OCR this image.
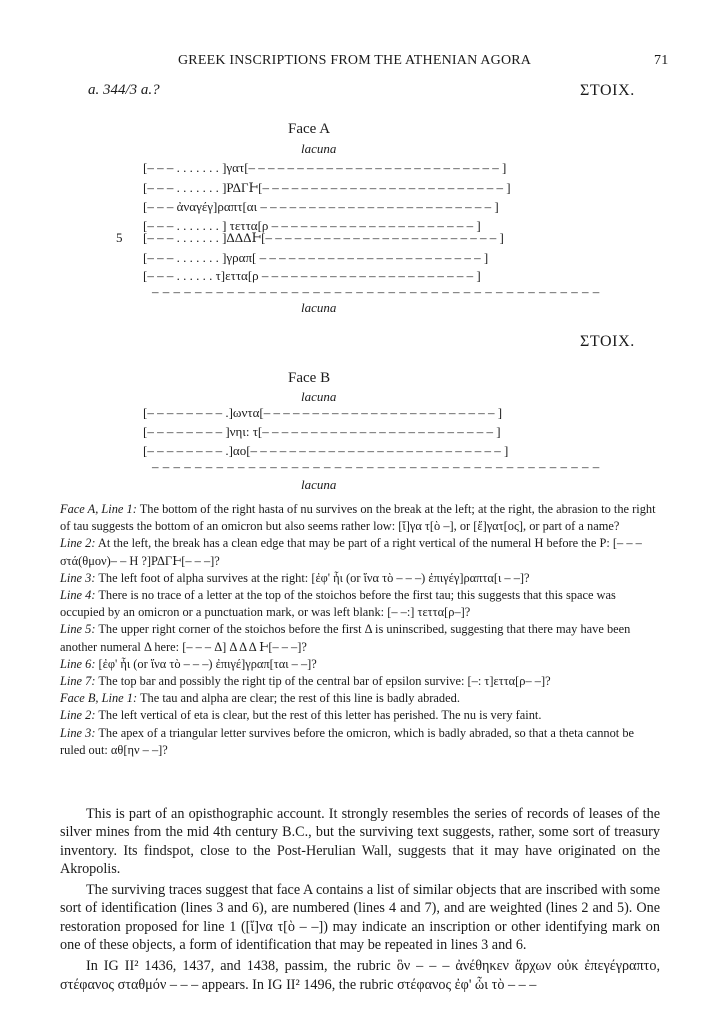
GREEK INSCRIPTIONS FROM THE ATHENIAN AGORA	71
a. 344/3 a.?	ΣΤΟΙΧ.
Face A
lacuna
[– – – . . . . . . . ]γατ[– – – – – – – – – – – – – – – – – – – – – – – – – – ]
[– – – . . . . . . . ]ΡΔΓͰ[– – – – – – – – – – – – – – – – – – – – – – – – – ]
[– – – ἀναγέγ]ραπτ[αι – – – – – – – – – – – – – – – – – – – – – – – – ]
[– – – . . . . . . . ] τεττα[ρ – – – – – – – – – – – – – – – – – – – – – ]
5 [– – – . . . . . . . ]ΔΔΔͰ[– – – – – – – – – – – – – – – – – – – – – – – – ]
[– – – . . . . . . . ]γραπ[ – – – – – – – – – – – – – – – – – – – – – – – ]
[– – – . . . . . . τ]εττα[ρ – – – – – – – – – – – – – – – – – – – – – – ]
– – – – – – – – – – – – – – – – – – – – – – – – – – – – – – – – – – – – – – – – – –
lacuna
ΣΤΟΙΧ.
Face B
lacuna
[– – – – – – – – .]ωντα[– – – – – – – – – – – – – – – – – – – – – – – – ]
[– – – – – – – – ]νηι: τ[– – – – – – – – – – – – – – – – – – – – – – – – ]
[– – – – – – – – .]αο[– – – – – – – – – – – – – – – – – – – – – – – – – – ]
– – – – – – – – – – – – – – – – – – – – – – – – – – – – – – – – – – – – – – – – – –
lacuna

Face A, Line 1: The bottom of the right hasta of nu survives on the break at the left; at the right, the abrasion to the right of tau suggests the bottom of an omicron but also seems rather low: [ἴ]γα τ[ὸ –], or [ἔ]γατ[ος], or part of a name?

Line 2: At the left, the break has a clean edge that may be part of a right vertical of the numeral H before the Ρ: [– – – στά(θμον)– – H ?]ΡΔΓͰ[– – –]?

Line 3: The left foot of alpha survives at the right: [ἐφ' ἧι (or ἵνα τὸ – – –) ἐπιγέγ]ραπτα[ι – –]?

Line 4: There is no trace of a letter at the top of the stoichos before the first tau; this suggests that this space was occupied by an omicron or a punctuation mark, or was left blank: [– –:] τεττα[ρ–]?

Line 5: The upper right corner of the stoichos before the first Δ is uninscribed, suggesting that there may have been another numeral Δ here: [– – – Δ] Δ Δ Δ Ͱ[– – –]?

Line 6: [ἐφ' ἧι (or ἵνα τὸ – – –) ἐπιγέ]γραπ[ται – –]?

Line 7: The top bar and possibly the right tip of the central bar of epsilon survive: [–: τ]εττα[ρ– –]?

Face B, Line 1: The tau and alpha are clear; the rest of this line is badly abraded.

Line 2: The left vertical of eta is clear, but the rest of this letter has perished. The nu is very faint.

Line 3: The apex of a triangular letter survives before the omicron, which is badly abraded, so that a theta cannot be ruled out: αθ[ην – –]?

This is part of an opisthographic account. It strongly resembles the series of records of leases of the silver mines from the mid 4th century B.C., but the surviving text suggests, rather, some sort of treasury inventory. Its findspot, close to the Post-Herulian Wall, suggests that it may have originated on the Akropolis.

The surviving traces suggest that face A contains a list of similar objects that are inscribed with some sort of identification (lines 3 and 6), are numbered (lines 4 and 7), and are weighted (lines 2 and 5). One restoration proposed for line 1 ([ἴ]να τ[ὸ – –]) may indicate an inscription or other identifying mark on one of these objects, a form of identification that may be repeated in lines 3 and 6.

In IG II² 1436, 1437, and 1438, passim, the rubric ὃν – – – ἀνέθηκεν ἄρχων οὐκ ἐπεγέγραπτο, στέφανος σταθμόν – – – appears. In IG II² 1496, the rubric στέφανος ἐφ' ὧι τὸ – – –
